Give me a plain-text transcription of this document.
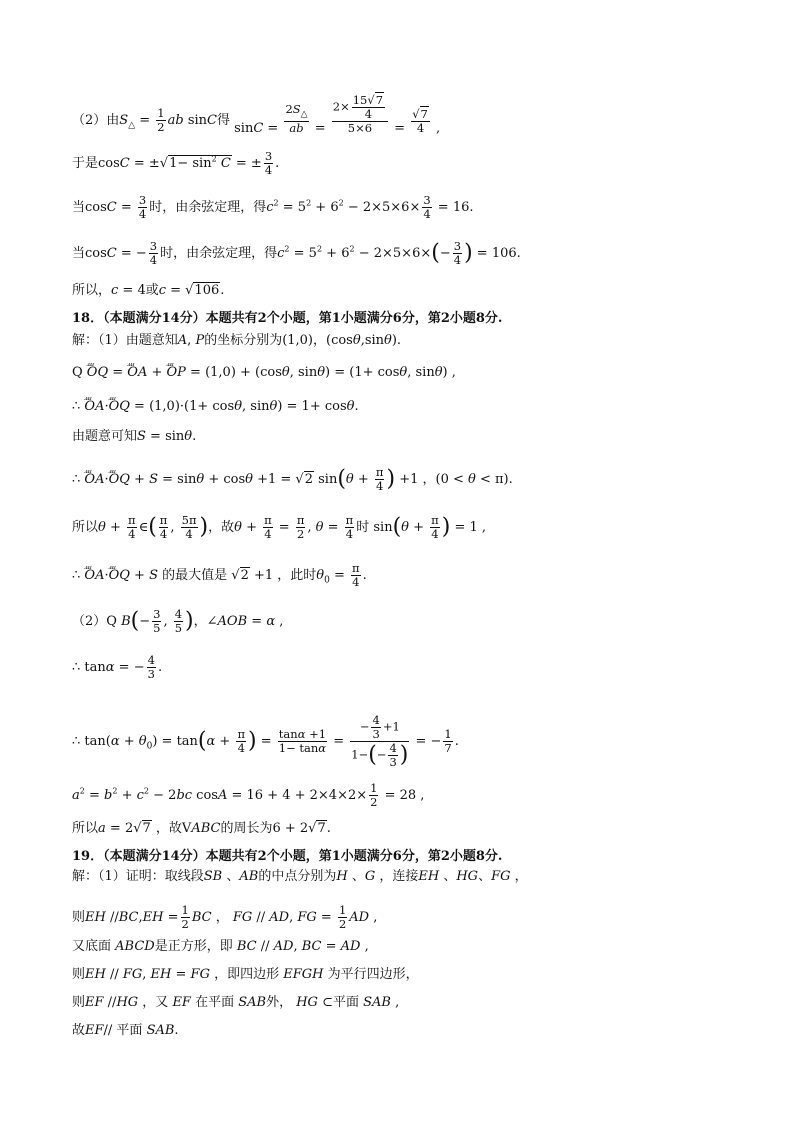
（2）由$S_\triangle = \frac{1}{2}$ ab sinC得 $\sin C = \frac{2S_\triangle}{ab} = \frac{2\times \frac{15√7}{4}}{5\times 6} = \frac{√7}{4}$ ,
于是$\cos C = \pm√1- \sin^2 C$ = ± $\frac{3}{4}$ .
当$\cos C = \frac{3}{4}$ 时，由余弦定理，得$c^2 = 5^2 + 6^2 - 2\times 5\times 6\times \frac{3}{4} = 16$.
当cosC = − $\frac{3}{4}$ 时，由余弦定理，得$c^2 = 5^2 + 6^2 - 2\times 5\times 6\times(- \frac{3}{4}$ ) = 106.
所以，c = 4或c = √106.
18．（本题满分14分）本题共有2个小题，第1小题满分6分，第2小题8分.
解：（1）由题意知A, P的坐标分别为(1,0)，(cosθ,sinθ).
Q ⅎⅎⅎ OQ = ⅎⅎⅎ OA + ⅎⅎⅎ OP = (1,0) + (cosθ, sinθ) = (1+ cosθ, sinθ) ,
∴ ⅎⅎⅎ OA·ⅎⅎⅎ OQ = (1,0)·(1+ cosθ, sinθ) = 1+ cosθ.
由题意可知S = sinθ.
∴ ⅎⅎⅎ OA·ⅎⅎⅎ OQ + S = sinθ + cosθ +1 = √2 $\sin(\theta + \frac{\pi}{4}$ ) +1 ，(0 < θ < π).
所以$\theta + \frac{\pi}{4}$ ∈( $\frac{\pi}{4}$ , $\frac{5\pi}{4}$ )，故$\theta + \frac{\pi}{4} = \frac{\pi}{2}$ , $\theta = \frac{\pi}{4}$ 时 $\sin(\theta + \frac{\pi}{4}$ ) = 1 ,
∴ ⅎⅎⅎ OA·ⅎⅎⅎ OQ + S 的最大值是 √2 +1 ，此时$\theta_0 = \frac{\pi}{4}$ .
（2）Q $B(- \frac{3}{5}$ , $\frac{4}{5}$ )，∠AOB = α ,
∴ tanα = − $\frac{4}{3}$ .
∴ $\tan(\alpha + \theta_0) = \tan(\alpha + \frac{\pi}{4}$ ) = $\frac{\tan\alpha +1}{1- \tan\alpha} = \frac{- \frac{4}{3} +1}{1-(- \frac{4}{3} )}$ = − $\frac{1}{7}$ .
$a^2 = b^2 + c^2 - 2bc$ $\cos A = 16 + 4 + 2\times 4\times 2\times \frac{1}{2} = 28$ ,
所以a = 2√7 ，故VABC的周长为6 + 2√7.
19．（本题满分14分）本题共有2个小题，第1小题满分6分，第2小题8分.
解：（1）证明：取线段SB 、AB的中点分别为H 、G ，连接EH 、HG、FG ，
则EH $//BC,EH = \frac{1}{2}$ BC ， FG // AD, FG = $\frac{1}{2}$ AD ,
又底面 ABCD是正方形，即 BC // AD, BC = AD ,
则EH // FG, EH = FG ，即四边形 EFGH 为平行四边形，
则EF //HG ，又 EF 在平面 SAB外， HG ⊂平面 SAB ,
故EF// 平面 SAB.
